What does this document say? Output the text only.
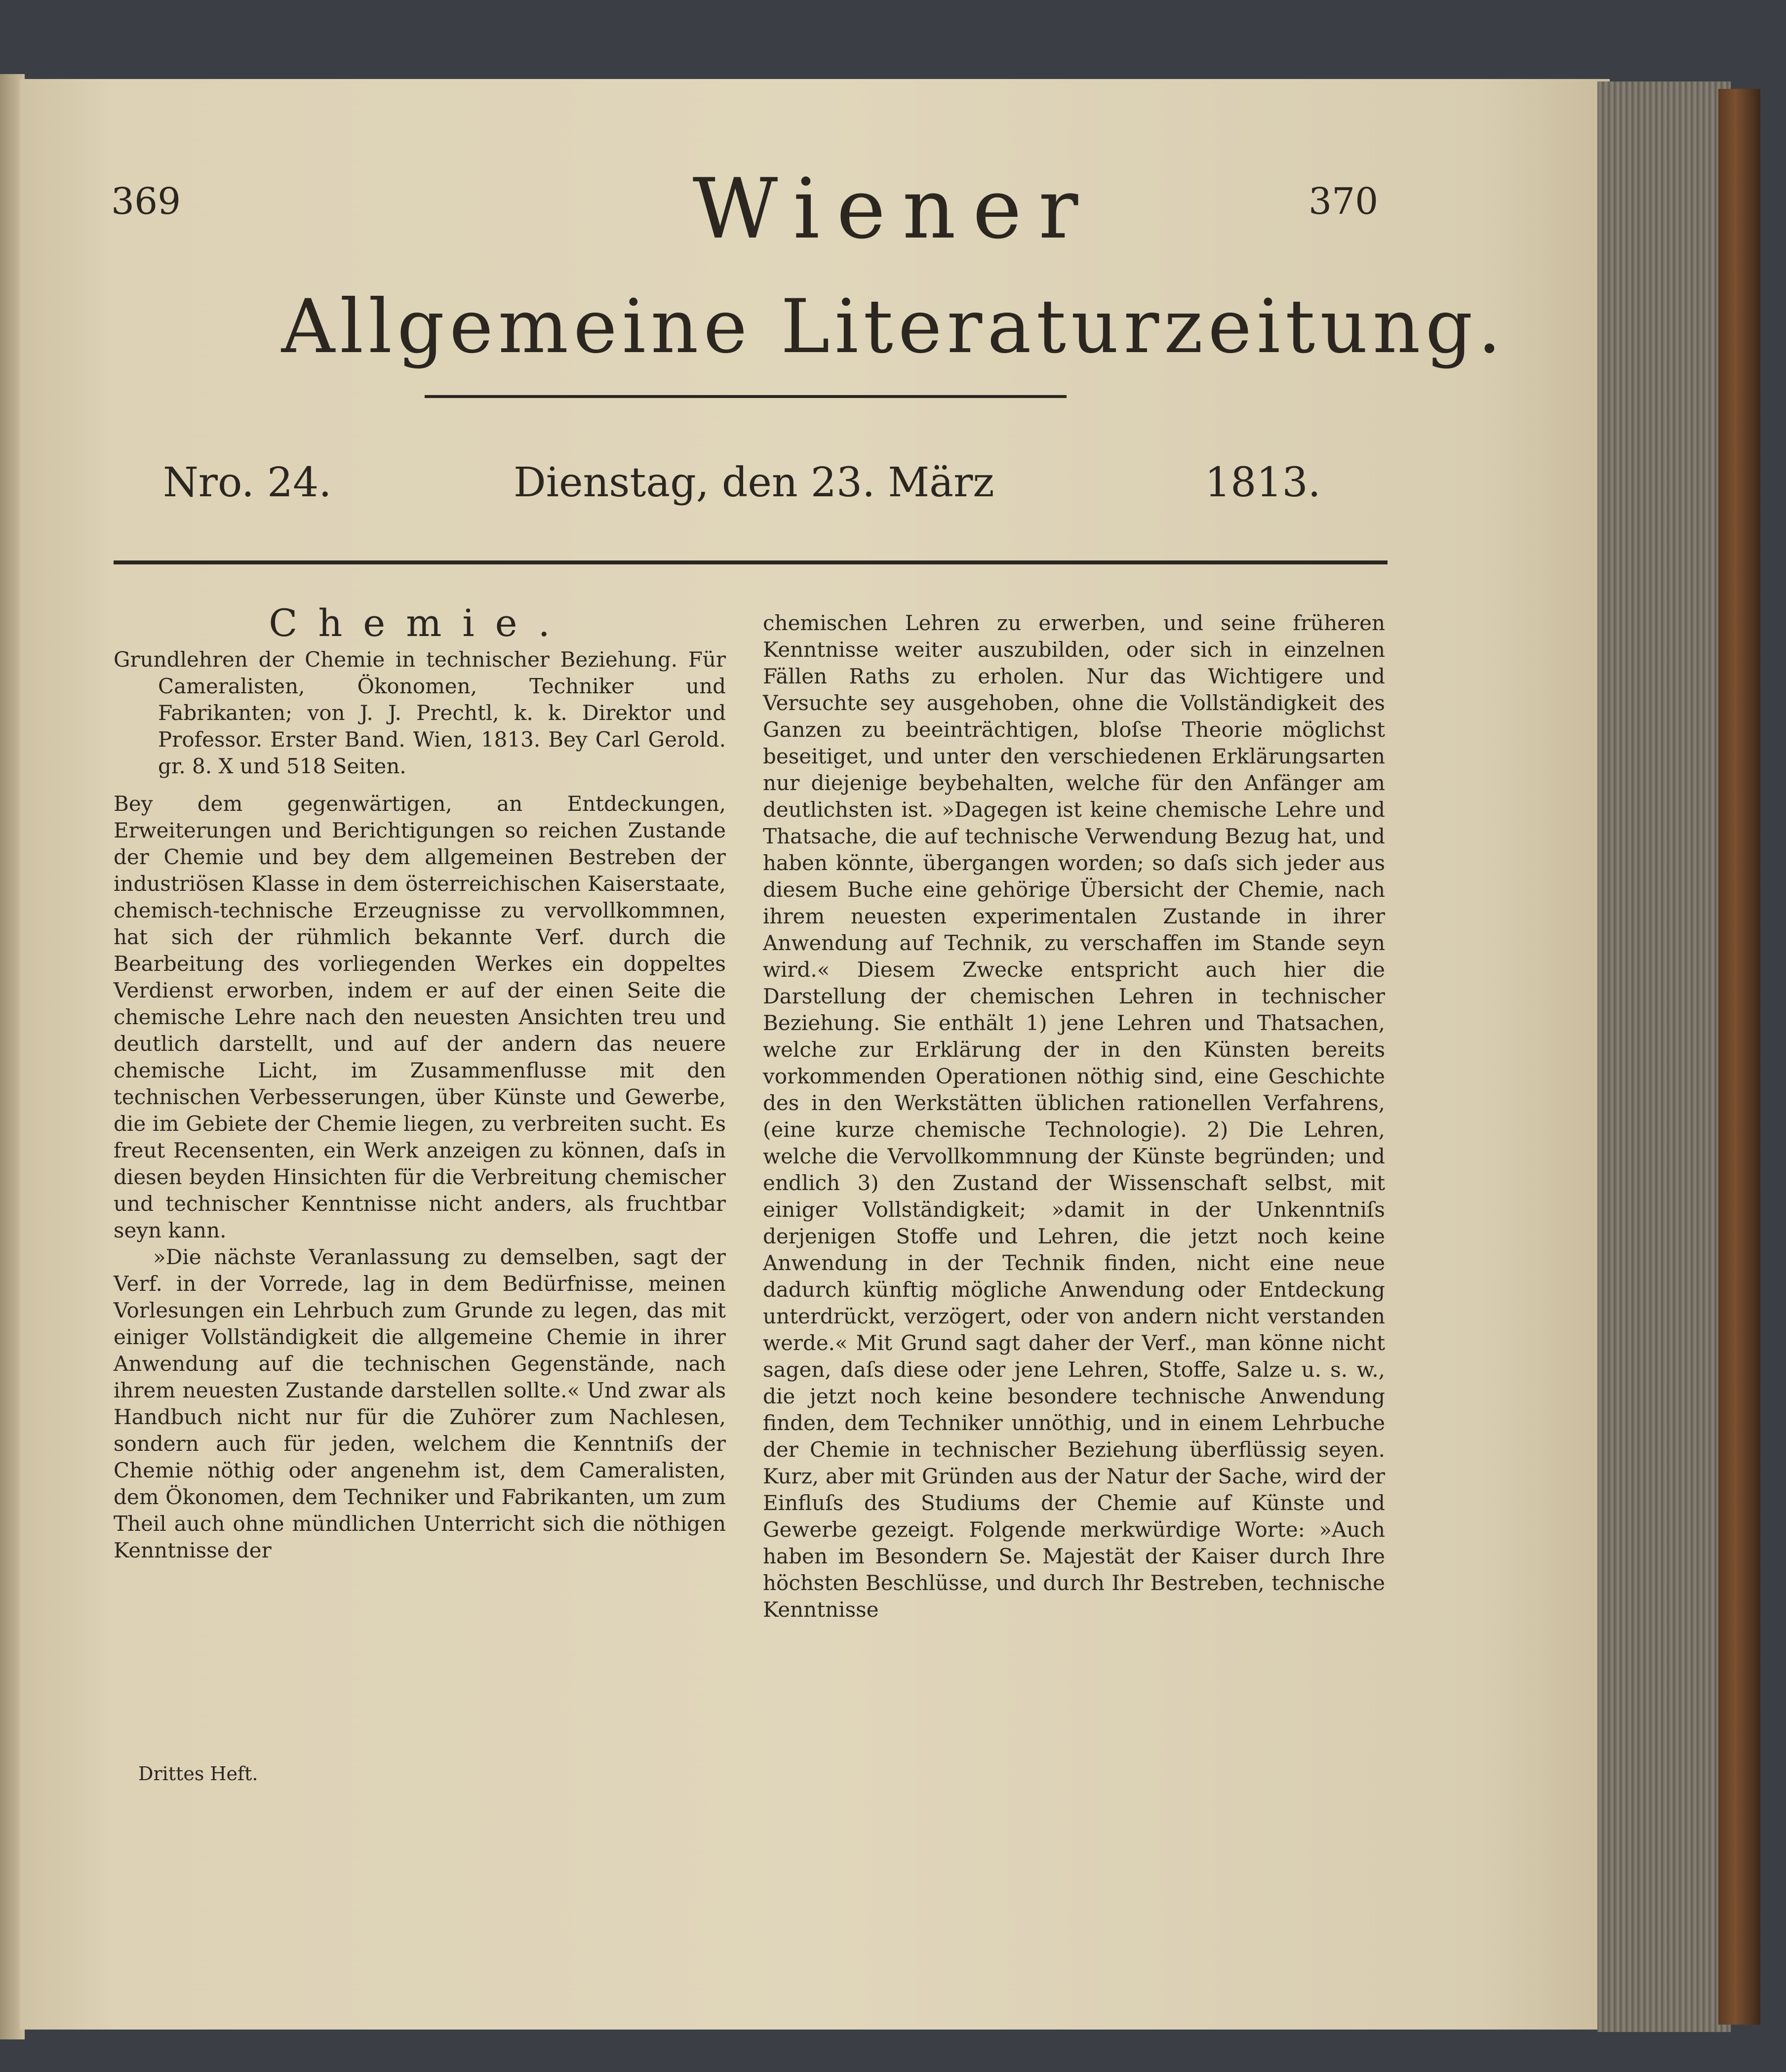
369	370
Wiener
Allgemeine Literaturzeitung.
Nro. 24.	Dienstag, den 23. März	1813.

Chemie.

Grundlehren der Chemie in technischer Beziehung. Für Cameralisten, Ökonomen, Techniker und Fabrikanten; von J. J. Prechtl, k. k. Direktor und Professor. Erster Band. Wien, 1813. Bey Carl Gerold. gr. 8. X und 518 Seiten.

Bey dem gegenwärtigen, an Entdeckungen, Erweiterungen und Berichtigungen so reichen Zustande der Chemie und bey dem allgemeinen Bestreben der industriösen Klasse in dem österreichischen Kaiserstaate, chemisch-technische Erzeugnisse zu vervollkommnen, hat sich der rühmlich bekannte Verf. durch die Bearbeitung des vorliegenden Werkes ein doppeltes Verdienst erworben, indem er auf der einen Seite die chemische Lehre nach den neuesten Ansichten treu und deutlich darstellt, und auf der andern das neuere chemische Licht, im Zusammenflusse mit den technischen Verbesserungen, über Künste und Gewerbe, die im Gebiete der Chemie liegen, zu verbreiten sucht. Es freut Recensenten, ein Werk anzeigen zu können, daſs in diesen beyden Hinsichten für die Verbreitung chemischer und technischer Kenntnisse nicht anders, als fruchtbar seyn kann.

»Die nächste Veranlassung zu demselben, sagt der Verf. in der Vorrede, lag in dem Bedürfnisse, meinen Vorlesungen ein Lehrbuch zum Grunde zu legen, das mit einiger Vollständigkeit die allgemeine Chemie in ihrer Anwendung auf die technischen Gegenstände, nach ihrem neuesten Zustande darstellen sollte.« Und zwar als Handbuch nicht nur für die Zuhörer zum Nachlesen, sondern auch für jeden, welchem die Kenntniſs der Chemie nöthig oder angenehm ist, dem Cameralisten, dem Ökonomen, dem Techniker und Fabrikanten, um zum Theil auch ohne mündlichen Unterricht sich die nöthigen Kenntnisse der

chemischen Lehren zu erwerben, und seine früheren Kenntnisse weiter auszubilden, oder sich in einzelnen Fällen Raths zu erholen. Nur das Wichtigere und Versuchte sey ausgehoben, ohne die Vollständigkeit des Ganzen zu beeinträchtigen, bloſse Theorie möglichst beseitiget, und unter den verschiedenen Erklärungsarten nur diejenige beybehalten, welche für den Anfänger am deutlichsten ist. »Dagegen ist keine chemische Lehre und Thatsache, die auf technische Verwendung Bezug hat, und haben könnte, übergangen worden; so daſs sich jeder aus diesem Buche eine gehörige Übersicht der Chemie, nach ihrem neuesten experimentalen Zustande in ihrer Anwendung auf Technik, zu verschaffen im Stande seyn wird.« Diesem Zwecke entspricht auch hier die Darstellung der chemischen Lehren in technischer Beziehung. Sie enthält 1) jene Lehren und Thatsachen, welche zur Erklärung der in den Künsten bereits vorkommenden Operationen nöthig sind, eine Geschichte des in den Werkstätten üblichen rationellen Verfahrens, (eine kurze chemische Technologie). 2) Die Lehren, welche die Vervollkommnung der Künste begründen; und endlich 3) den Zustand der Wissenschaft selbst, mit einiger Vollständigkeit; »damit in der Unkenntniſs derjenigen Stoffe und Lehren, die jetzt noch keine Anwendung in der Technik finden, nicht eine neue dadurch künftig mögliche Anwendung oder Entdeckung unterdrückt, verzögert, oder von andern nicht verstanden werde.« Mit Grund sagt daher der Verf., man könne nicht sagen, daſs diese oder jene Lehren, Stoffe, Salze u. s. w., die jetzt noch keine besondere technische Anwendung finden, dem Techniker unnöthig, und in einem Lehrbuche der Chemie in technischer Beziehung überflüssig seyen. Kurz, aber mit Gründen aus der Natur der Sache, wird der Einfluſs des Studiums der Chemie auf Künste und Gewerbe gezeigt. Folgende merkwürdige Worte: »Auch haben im Besondern Se. Majestät der Kaiser durch Ihre höchsten Beschlüsse, und durch Ihr Bestreben, technische Kenntnisse

Drittes Heft.
